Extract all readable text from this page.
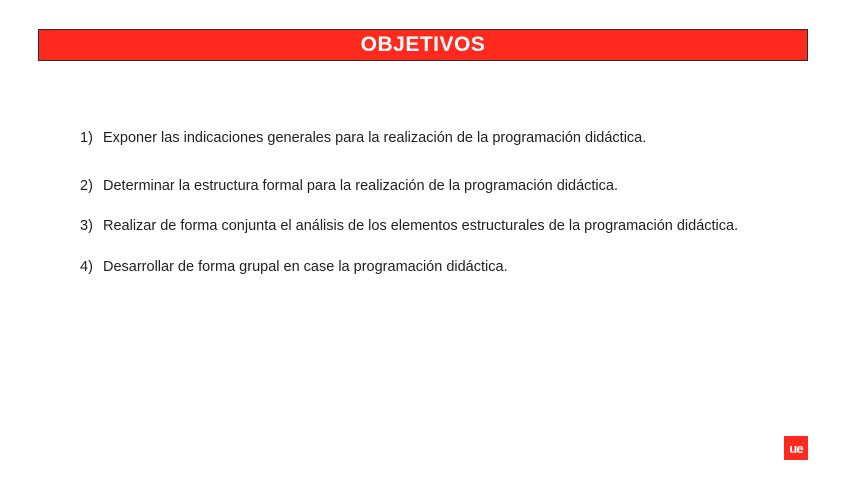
OBJETIVOS
1) Exponer las indicaciones generales para la realización de la programación didáctica.
2) Determinar la estructura formal para la realización de la programación didáctica.
3) Realizar de forma conjunta el análisis de los elementos estructurales de la programación didáctica.
4) Desarrollar de forma grupal en case la programación didáctica.
ue
